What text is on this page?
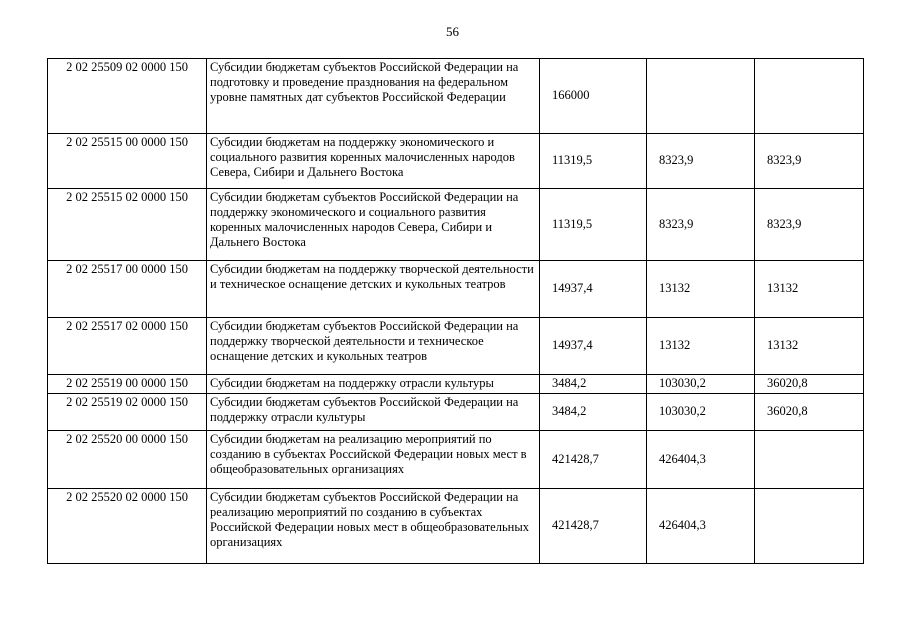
56
2 02 25509 02 0000 150	Субсидии бюджетам субъектов Российской Федерации на подготовку и проведение празднования на федеральном уровне памятных дат субъектов Российской Федерации	166000		
2 02 25515 00 0000 150	Субсидии бюджетам на поддержку экономического и социального развития коренных малочисленных народов Севера, Сибири и Дальнего Востока	11319,5	8323,9	8323,9
2 02 25515 02 0000 150	Субсидии бюджетам субъектов Российской Федерации на поддержку экономического и социального развития коренных малочисленных народов Севера, Сибири и Дальнего Востока	11319,5	8323,9	8323,9
2 02 25517 00 0000 150	Субсидии бюджетам на поддержку творческой деятельности и техническое оснащение детских и кукольных театров	14937,4	13132	13132
2 02 25517 02 0000 150	Субсидии бюджетам субъектов Российской Федерации на поддержку творческой деятельности и техническое оснащение детских и кукольных театров	14937,4	13132	13132
2 02 25519 00 0000 150	Субсидии бюджетам на поддержку отрасли культуры	3484,2	103030,2	36020,8
2 02 25519 02 0000 150	Субсидии бюджетам субъектов Российской Федерации на поддержку отрасли культуры	3484,2	103030,2	36020,8
2 02 25520 00 0000 150	Субсидии бюджетам на реализацию мероприятий по созданию в субъектах Российской Федерации новых мест в общеобразовательных организациях	421428,7	426404,3	
2 02 25520 02 0000 150	Субсидии бюджетам субъектов Российской Федерации на реализацию мероприятий по созданию в субъектах Российской Федерации новых мест в общеобразовательных организациях	421428,7	426404,3	
